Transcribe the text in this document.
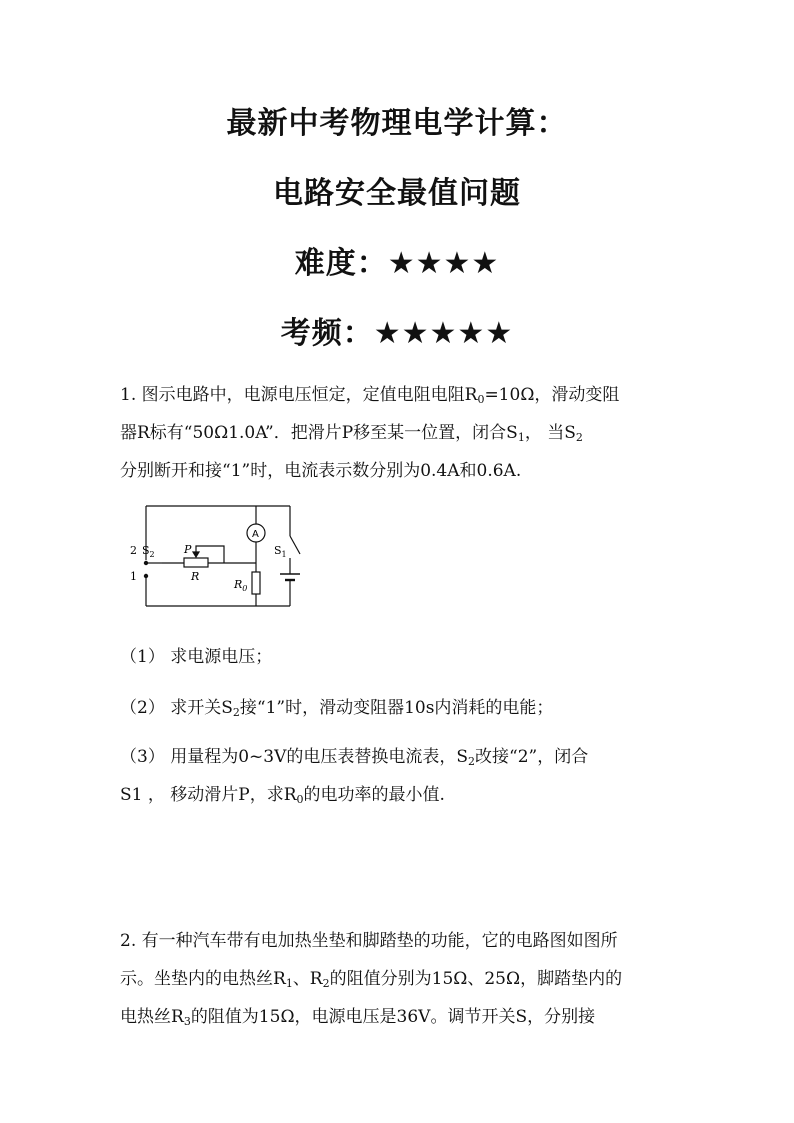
最新中考物理电学计算：
电路安全最值问题
难度：★★★★
考频：★★★★★
1. 图示电路中，电源电压恒定，定值电阻电阻$R_0=10\Omega$，滑动变阻
器R标有“50Ω1.0A”．把滑片P移至某一位置，闭合$S_1$， 当$S_2$
分别断开和接“1”时，电流表示数分别为0.4A和0.6A.
2
1
$S_2$	P
R
A
$R_0$
$S_1$
（1） 求电源电压；
（2） 求开关$S_2$接“1”时，滑动变阻器10s内消耗的电能；
（3） 用量程为0~3V的电压表替换电流表，$S_2$改接“2”，闭合
S1 ， 移动滑片P，求$R_0$的电功率的最小值.
2. 有一种汽车带有电加热坐垫和脚踏垫的功能，它的电路图如图所
示。坐垫内的电热丝$R_1$、$R_2$的阻值分别为15Ω、25Ω，脚踏垫内的
电热丝$R_3$的阻值为15Ω，电源电压是36V。调节开关S，分别接
